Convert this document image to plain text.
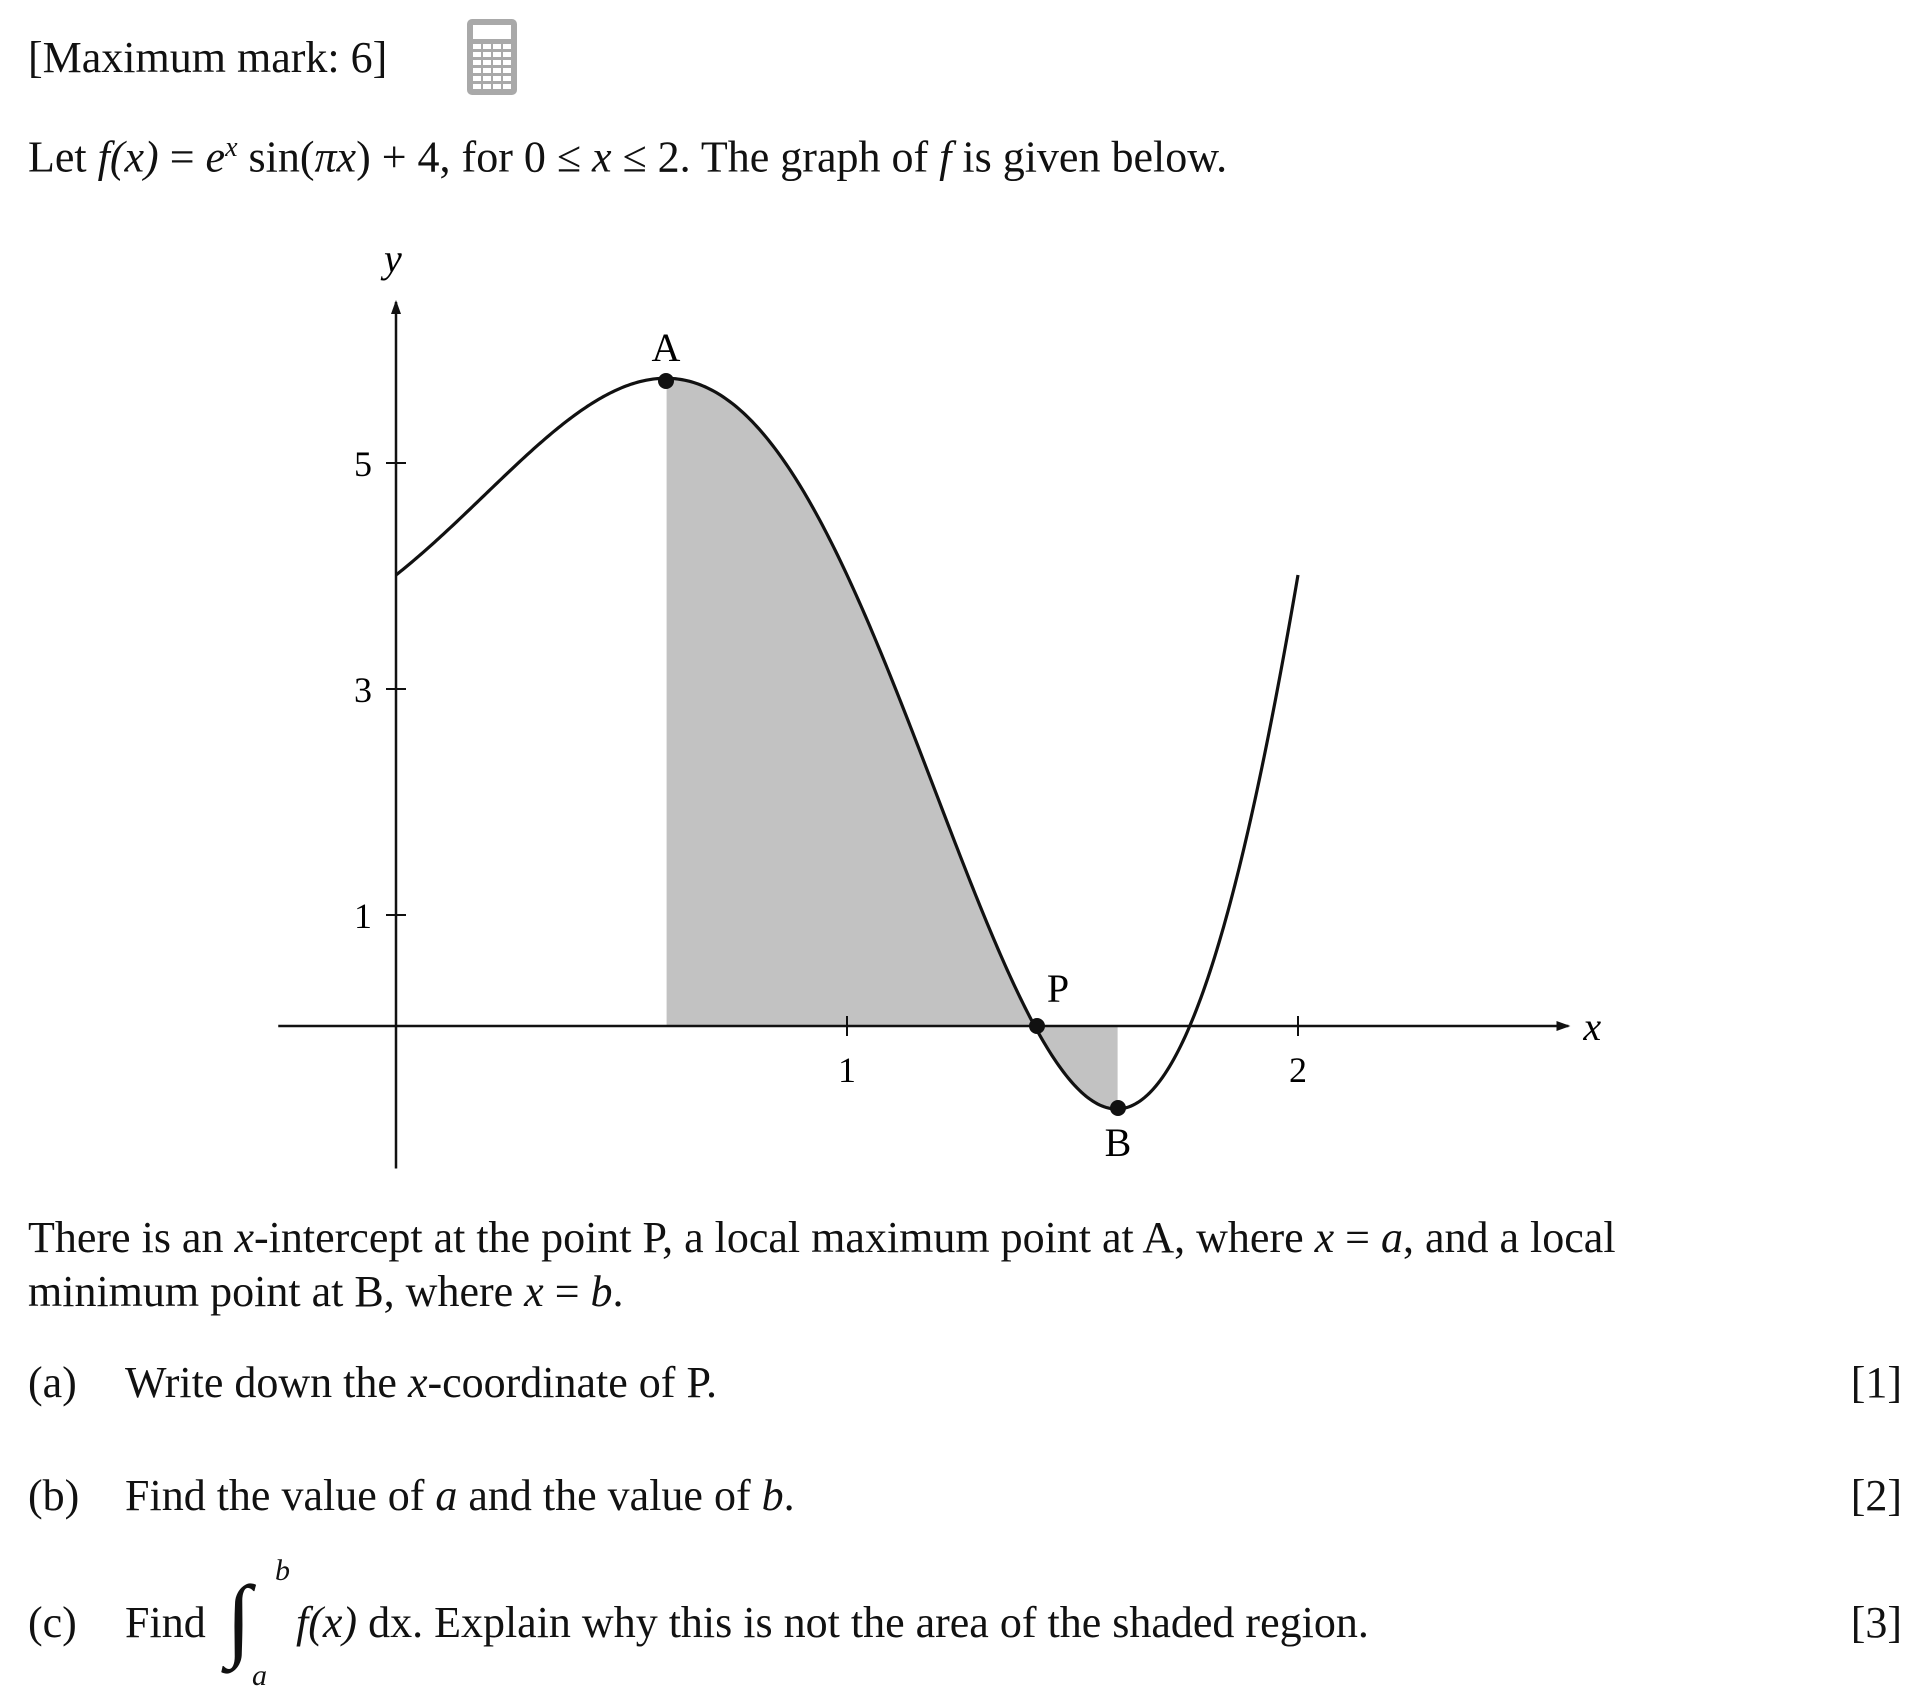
[Maximum mark: 6]
Let $f(x) = e^x$ sin(πx) + 4, for 0 ≤ x ≤ 2. The graph of f is given below.
x
y
1	2
1
3
5
A
P
B
There is an x-intercept at the point P, a local maximum point at A, where x = a, and a local
minimum point at B, where x = b.
(a) Write down the x-coordinate of P.	[1]
(b) Find the value of a and the value of b.	[2]
(c) Find ∫ b
a
f(x) dx. Explain why this is not the area of the shaded region.	[3]
